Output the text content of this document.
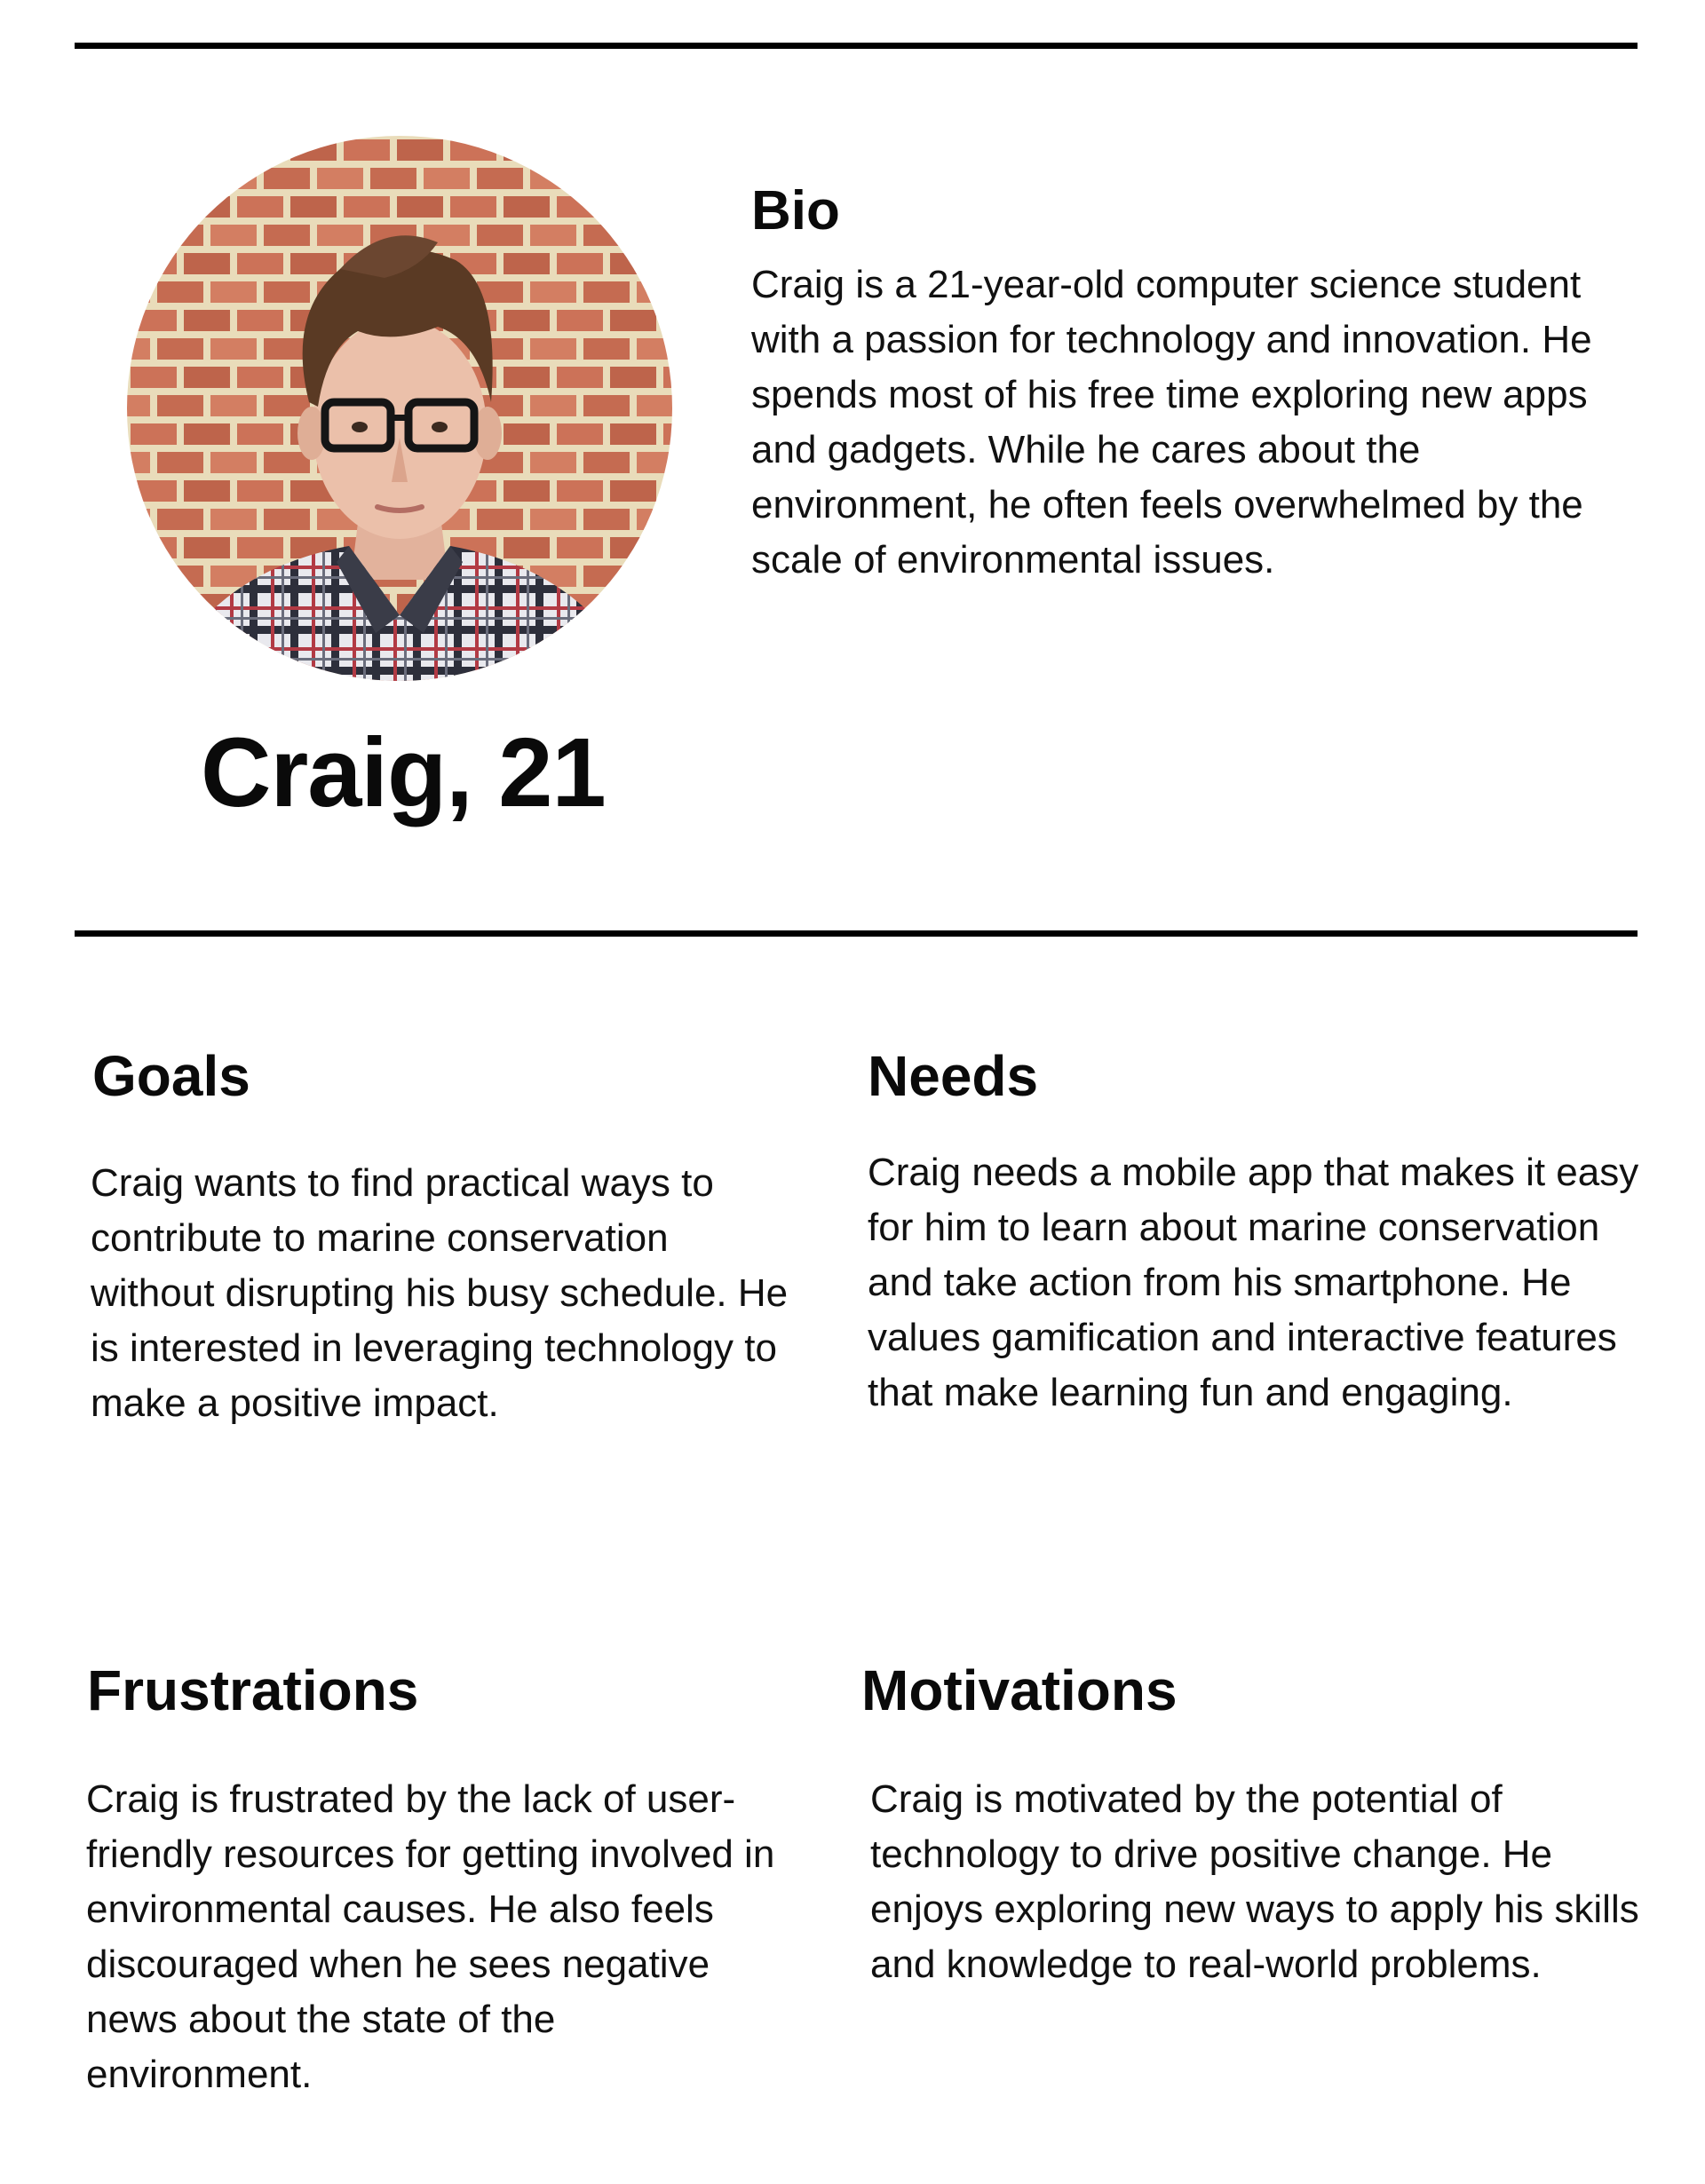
Craig, 21
Bio
Craig is a 21-year-old computer science student with a passion for technology and innovation. He spends most of his free time exploring new apps and gadgets. While he cares about the environment, he often feels overwhelmed by the scale of environmental issues.
Goals
Craig wants to find practical ways to contribute to marine conservation without disrupting his busy schedule. He is interested in leveraging technology to make a positive impact.
Needs
Craig needs a mobile app that makes it easy for him to learn about marine conservation and take action from his smartphone. He values gamification and interactive features that make learning fun and engaging.
Frustrations
Craig is frustrated by the lack of user-friendly resources for getting involved in environmental causes. He also feels discouraged when he sees negative news about the state of the environment.
Motivations
Craig is motivated by the potential of technology to drive positive change. He enjoys exploring new ways to apply his skills and knowledge to real-world problems.
